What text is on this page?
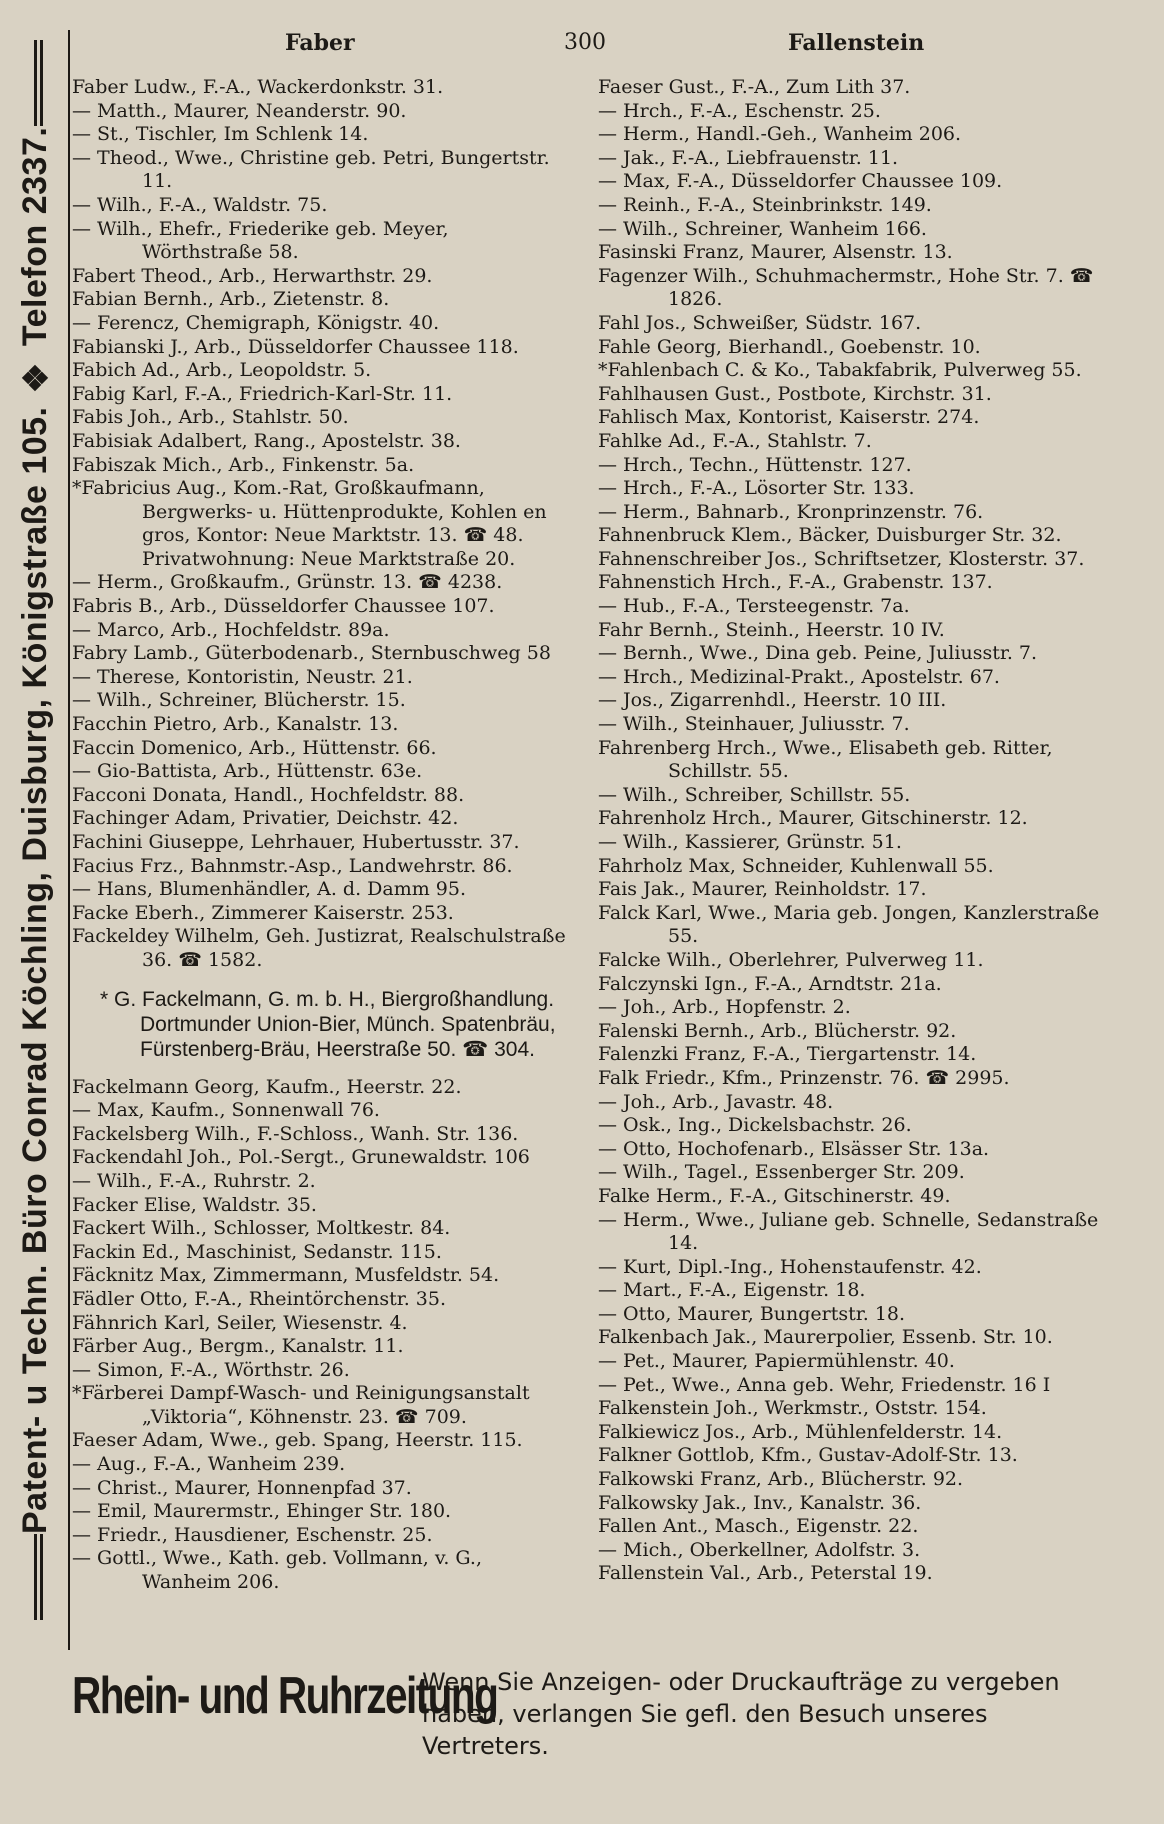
Patent- u Techn. Büro Conrad Köchling, Duisburg, Königstraße 105. ❖ Telefon 2337.
Faber	300	Fallenstein

Faber Ludw., F.-A., Wackerdonkstr. 31.

— Matth., Maurer, Neanderstr. 90.

— St., Tischler, Im Schlenk 14.

— Theod., Wwe., Christine geb. Petri, Bungertstr. 11.

— Wilh., F.-A., Waldstr. 75.

— Wilh., Ehefr., Friederike geb. Meyer, Wörthstraße 58.

Fabert Theod., Arb., Herwarthstr. 29.

Fabian Bernh., Arb., Zietenstr. 8.

— Ferencz, Chemigraph, Königstr. 40.

Fabianski J., Arb., Düsseldorfer Chaussee 118.

Fabich Ad., Arb., Leopoldstr. 5.

Fabig Karl, F.-A., Friedrich-Karl-Str. 11.

Fabis Joh., Arb., Stahlstr. 50.

Fabisiak Adalbert, Rang., Apostelstr. 38.

Fabiszak Mich., Arb., Finkenstr. 5a.

*Fabricius Aug., Kom.-Rat, Großkaufmann, Bergwerks- u. Hüttenprodukte, Kohlen en gros, Kontor: Neue Marktstr. 13. ☎ 48. Privatwohnung: Neue Marktstraße 20.

— Herm., Großkaufm., Grünstr. 13. ☎ 4238.

Fabris B., Arb., Düsseldorfer Chaussee 107.

— Marco, Arb., Hochfeldstr. 89a.

Fabry Lamb., Güterbodenarb., Sternbuschweg 58

— Therese, Kontoristin, Neustr. 21.

— Wilh., Schreiner, Blücherstr. 15.

Facchin Pietro, Arb., Kanalstr. 13.

Faccin Domenico, Arb., Hüttenstr. 66.

— Gio-Battista, Arb., Hüttenstr. 63e.

Facconi Donata, Handl., Hochfeldstr. 88.

Fachinger Adam, Privatier, Deichstr. 42.

Fachini Giuseppe, Lehrhauer, Hubertusstr. 37.

Facius Frz., Bahnmstr.-Asp., Landwehrstr. 86.

— Hans, Blumenhändler, A. d. Damm 95.

Facke Eberh., Zimmerer Kaiserstr. 253.

Fackeldey Wilhelm, Geh. Justizrat, Realschulstraße 36. ☎ 1582.

* G. Fackelmann, G. m. b. H., Biergroßhandlung. Dortmunder Union-Bier, Münch. Spatenbräu, Fürstenberg-Bräu, Heerstraße 50. ☎ 304.

Fackelmann Georg, Kaufm., Heerstr. 22.

— Max, Kaufm., Sonnenwall 76.

Fackelsberg Wilh., F.-Schloss., Wanh. Str. 136.

Fackendahl Joh., Pol.-Sergt., Grunewaldstr. 106

— Wilh., F.-A., Ruhrstr. 2.

Facker Elise, Waldstr. 35.

Fackert Wilh., Schlosser, Moltkestr. 84.

Fackin Ed., Maschinist, Sedanstr. 115.

Fäcknitz Max, Zimmermann, Musfeldstr. 54.

Fädler Otto, F.-A., Rheintörchenstr. 35.

Fähnrich Karl, Seiler, Wiesenstr. 4.

Färber Aug., Bergm., Kanalstr. 11.

— Simon, F.-A., Wörthstr. 26.

*Färberei Dampf-Wasch- und Reinigungsanstalt „Viktoria“, Köhnenstr. 23. ☎ 709.

Faeser Adam, Wwe., geb. Spang, Heerstr. 115.

— Aug., F.-A., Wanheim 239.

— Christ., Maurer, Honnenpfad 37.

— Emil, Maurermstr., Ehinger Str. 180.

— Friedr., Hausdiener, Eschenstr. 25.

— Gottl., Wwe., Kath. geb. Vollmann, v. G., Wanheim 206.

Faeser Gust., F.-A., Zum Lith 37.

— Hrch., F.-A., Eschenstr. 25.

— Herm., Handl.-Geh., Wanheim 206.

— Jak., F.-A., Liebfrauenstr. 11.

— Max, F.-A., Düsseldorfer Chaussee 109.

— Reinh., F.-A., Steinbrinkstr. 149.

— Wilh., Schreiner, Wanheim 166.

Fasinski Franz, Maurer, Alsenstr. 13.

Fagenzer Wilh., Schuhmachermstr., Hohe Str. 7. ☎ 1826.

Fahl Jos., Schweißer, Südstr. 167.

Fahle Georg, Bierhandl., Goebenstr. 10.

*Fahlenbach C. & Ko., Tabakfabrik, Pulverweg 55.

Fahlhausen Gust., Postbote, Kirchstr. 31.

Fahlisch Max, Kontorist, Kaiserstr. 274.

Fahlke Ad., F.-A., Stahlstr. 7.

— Hrch., Techn., Hüttenstr. 127.

— Hrch., F.-A., Lösorter Str. 133.

— Herm., Bahnarb., Kronprinzenstr. 76.

Fahnenbruck Klem., Bäcker, Duisburger Str. 32.

Fahnenschreiber Jos., Schriftsetzer, Klosterstr. 37.

Fahnenstich Hrch., F.-A., Grabenstr. 137.

— Hub., F.-A., Tersteegenstr. 7a.

Fahr Bernh., Steinh., Heerstr. 10 IV.

— Bernh., Wwe., Dina geb. Peine, Juliusstr. 7.

— Hrch., Medizinal-Prakt., Apostelstr. 67.

— Jos., Zigarrenhdl., Heerstr. 10 III.

— Wilh., Steinhauer, Juliusstr. 7.

Fahrenberg Hrch., Wwe., Elisabeth geb. Ritter, Schillstr. 55.

— Wilh., Schreiber, Schillstr. 55.

Fahrenholz Hrch., Maurer, Gitschinerstr. 12.

— Wilh., Kassierer, Grünstr. 51.

Fahrholz Max, Schneider, Kuhlenwall 55.

Fais Jak., Maurer, Reinholdstr. 17.

Falck Karl, Wwe., Maria geb. Jongen, Kanzlerstraße 55.

Falcke Wilh., Oberlehrer, Pulverweg 11.

Falczynski Ign., F.-A., Arndtstr. 21a.

— Joh., Arb., Hopfenstr. 2.

Falenski Bernh., Arb., Blücherstr. 92.

Falenzki Franz, F.-A., Tiergartenstr. 14.

Falk Friedr., Kfm., Prinzenstr. 76. ☎ 2995.

— Joh., Arb., Javastr. 48.

— Osk., Ing., Dickelsbachstr. 26.

— Otto, Hochofenarb., Elsässer Str. 13a.

— Wilh., Tagel., Essenberger Str. 209.

Falke Herm., F.-A., Gitschinerstr. 49.

— Herm., Wwe., Juliane geb. Schnelle, Sedanstraße 14.

— Kurt, Dipl.-Ing., Hohenstaufenstr. 42.

— Mart., F.-A., Eigenstr. 18.

— Otto, Maurer, Bungertstr. 18.

Falkenbach Jak., Maurerpolier, Essenb. Str. 10.

— Pet., Maurer, Papiermühlenstr. 40.

— Pet., Wwe., Anna geb. Wehr, Friedenstr. 16 I

Falkenstein Joh., Werkmstr., Oststr. 154.

Falkiewicz Jos., Arb., Mühlenfelderstr. 14.

Falkner Gottlob, Kfm., Gustav-Adolf-Str. 13.

Falkowski Franz, Arb., Blücherstr. 92.

Falkowsky Jak., Inv., Kanalstr. 36.

Fallen Ant., Masch., Eigenstr. 22.

— Mich., Oberkellner, Adolfstr. 3.

Fallenstein Val., Arb., Peterstal 19.

Rhein- und Ruhrzeitung
Wenn Sie Anzeigen- oder Druckaufträge zu vergeben haben, verlangen Sie gefl. den Besuch unseres Vertreters.
